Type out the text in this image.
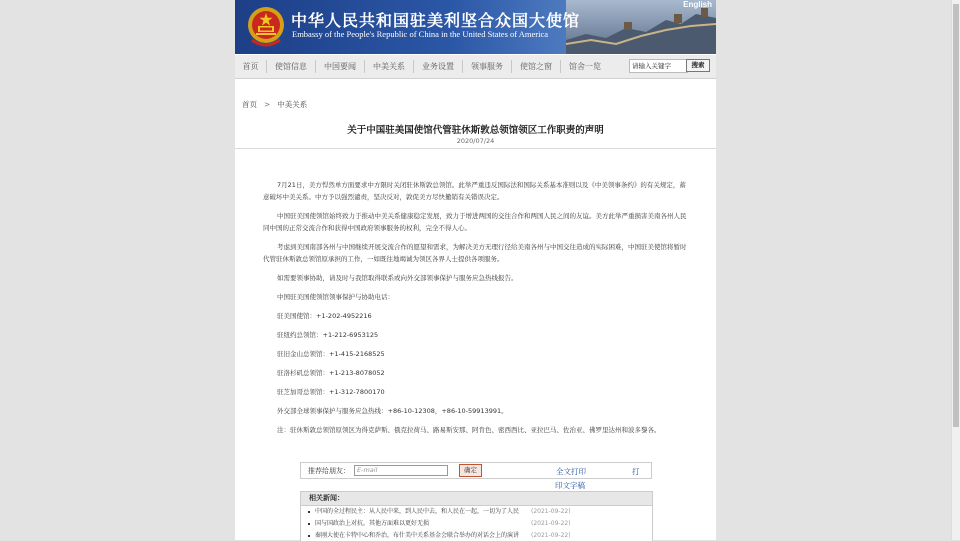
中华人民共和国驻美利坚合众国大使馆
Embassy of the People's Republic of China in the United States of America
English
首页	使馆信息	中国要闻	中美关系	业务设置	领事服务	使馆之窗	馆舍一览	请输入关键字	搜索
首页 > 中美关系
关于中国驻美国使馆代管驻休斯敦总领馆领区工作职责的声明
2020/07/24
7月21日，美方悍然单方面要求中方限时关闭驻休斯敦总领馆。此举严重违反国际法和国际关系基本准则以及《中美领事条约》的有关规定，蓄意破坏中美关系。中方予以强烈谴责，坚决反对，敦促美方尽快撤销有关错误决定。
中国驻美国使领馆始终致力于推动中美关系健康稳定发展，致力于增进两国的交往合作和两国人民之间的友谊。美方此举严重损害美南各州人民同中国的正常交流合作和获得中国政府领事服务的权利，完全不得人心。
考虑到美国南部各州与中国继续开展交流合作的愿望和需求，为解决美方无理行径给美南各州与中国交往造成的实际困难，中国驻美使馆将暂时代管驻休斯敦总领馆原承担的工作，一如既往地竭诚为领区各界人士提供各项服务。
如需要领事协助，请及时与我馆取得联系或向外交部领事保护与服务应急热线报告。
中国驻美国使领馆领事保护与协助电话：
驻美国使馆：+1-202-4952216
驻纽约总领馆：+1-212-6953125
驻旧金山总领馆：+1-415-2168525
驻洛杉矶总领馆：+1-213-8078052
驻芝加哥总领馆：+1-312-7800170
外交部全球领事保护与服务应急热线：+86-10-12308，+86-10-59913991。
注：驻休斯敦总领馆原领区为得克萨斯、俄克拉荷马、路易斯安那、阿肯色、密西西比、亚拉巴马、佐治亚、佛罗里达州和波多黎各。
推荐给朋友：	E-mail	确定	全文打印	打
印文字稿
相关新闻：
中国的全过程民主：从人民中来，到人民中去，和人民在一起，一切为了人民 (2021-09-22)
国与国政治上对抗，其他方面难以更好无损	(2021-09-22)
秦刚大使在卡特中心和乔治，布什美中关系基金会联合举办的对话会上的演讲 (2021-09-22)
